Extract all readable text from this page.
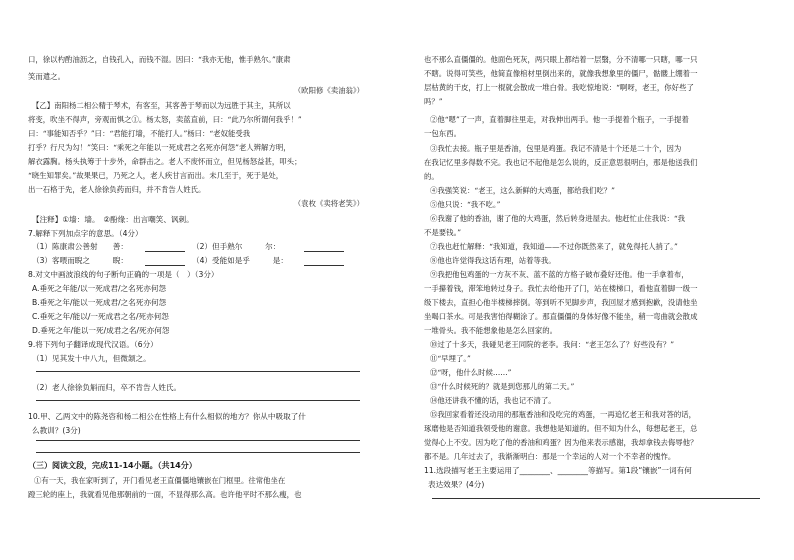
口，徐以杓酌油沥之，自钱孔入，而钱不湿。因曰：“我亦无他，惟手熟尔。”康肃
笑而遣之。
（欧阳修《卖油翁》）
【乙】南阳杨二相公精于琴术，有客至，其客善于琴而以为远胜于其主，其所以
将变，吹坐不得声，旁观而惧之①。杨太怒，卖蓝直前，曰：“此乃尔所谓何我乎！”
曰：“事能知否乎？”曰：“君能打墙，不能打人。”杨曰：“老奴能受我
打乎？行尺为勾！”笑曰：“乘死之年能以一死成君之名死亦何怨”老人辨解方明，
解衣露胸。杨头执筹于十步外，命群击之。老人不废怀而立，但见杨怒益甚，叩头；
“晓生知罪矣。”故果果已，乃死之人，老人疾甘言而出。未几至于，死于是处，
出一石格于先，老人徐徐负药而归，并不肯告人姓氏。
（袁枚《卖将老笑》）
【注释】①墙：墙。　②酚缘：出言嘲笑、讽刺。
7.解释下列加点字的意思。（4分）
（1）陈康肃公善射　　善：	（2）但手熟尔　　　尔：
（3）客喂而睨之　　　睨：	（4）受能如是乎　　　是：
8.对文中画波浪线的句子断句正确的一项是（　）（3分）
A.垂死之年能/以一死成君/之名死亦何怨
B.垂死之年/能以一死成君/之名死亦何怨
C.垂死之年/能以/一死成君之名/死亦何怨
D.垂死之年/能以一死/成君之名/死亦何怨
9.将下列句子翻译成现代汉语。（6分）
（1）见其发十中八九，但微颔之。
（2）老人徐徐负斛而归，卒不肯告人姓氏。
10.甲、乙两文中的陈尧咨和杨二相公在性格上有什么相似的地方？你从中吸取了什
么教训？(3分)
（三）阅读文段，完成11-14小题。（共14分）
①有一天，我在家听到了，开门看见老王直僵僵地镶嵌在门框里。往常他坐在
蹬三轮的座上，我就看见他那朝前的一面，不显得那么高。也许他平时不那么瘦，也
也不那么直僵僵的。他面色死灰，两只眼上都结着一层翳，分不清哪一只瞎，哪一只
不瞎。说得可笑些，他简直像棺材里倒出来的，就像我想象里的僵尸，骷髅上绷着一
层枯黄的干皮，打上一棍就会散成一堆白骨。我吃惊地说：“啊呀，老王，你好些了
吗？”
②他“嗯”了一声，直着脚往里走，对我伸出两手。他一手提着个瓶子，一手提着
一包东西。
③我忙去接。瓶子里是香油，包里是鸡蛋。我记不清是十个还是二十个，因为
在我记忆里多得数不完。我也记不起他是怎么说的，反正意思很明白，那是他送我们
的。
④我强笑说：“老王，这么新鲜的大鸡蛋，都给我们吃？”
⑤他只说：“我不吃。”
⑥我谢了他的香油，谢了他的大鸡蛋，然后转身进屋去。他赶忙止住我说：“我
不是要钱。”
⑦我也赶忙解释：“我知道，我知道——不过你既然来了，就免得托人捎了。”
⑧他也许觉得我这话有理，站着等我。
⑨我把他包鸡蛋的一方灰不灰、蓝不蓝的方格子破布叠好还他。他一手拿着布，
一手攥着钱，滞笨地转过身子。我忙去给他开了门，站在楼梯口，看他直着脚一级一
级下楼去，直担心他半楼梯摔倒。等到听不见脚步声，我回屋才感到抱歉，没请他坐
坐喝口茶水。可是我害怕得糊涂了。那直僵僵的身体好像不能坐，稍一弯曲就会散成
一堆骨头。我不能想象他是怎么回家的。
⑩过了十多天，我碰见老王同院的老李。我问：“老王怎么了？好些没有？”
⑪“早埋了。”
⑫“呀，他什么时候……”
⑬“什么时候死的？就是到您那儿的第二天。”
⑭他还讲我不懂的话，我也记不清了。
⑮我回家看着还没动用的那瓶香油和没吃完的鸡蛋，一再追忆老王和我对答的话，
琢磨他是否知道我领受他的谢意。我想他是知道的。但不知为什么，每想起老王，总
觉得心上不安。因为吃了他的香油和鸡蛋？因为他来表示感谢，我却拿钱去侮辱他？
都不是。几年过去了，我渐渐明白：那是一个幸运的人对一个不幸者的愧怍。
11.选段描写老王主要运用了________、________等描写。第1段“镶嵌”一词有何
表达效果？(4分)
